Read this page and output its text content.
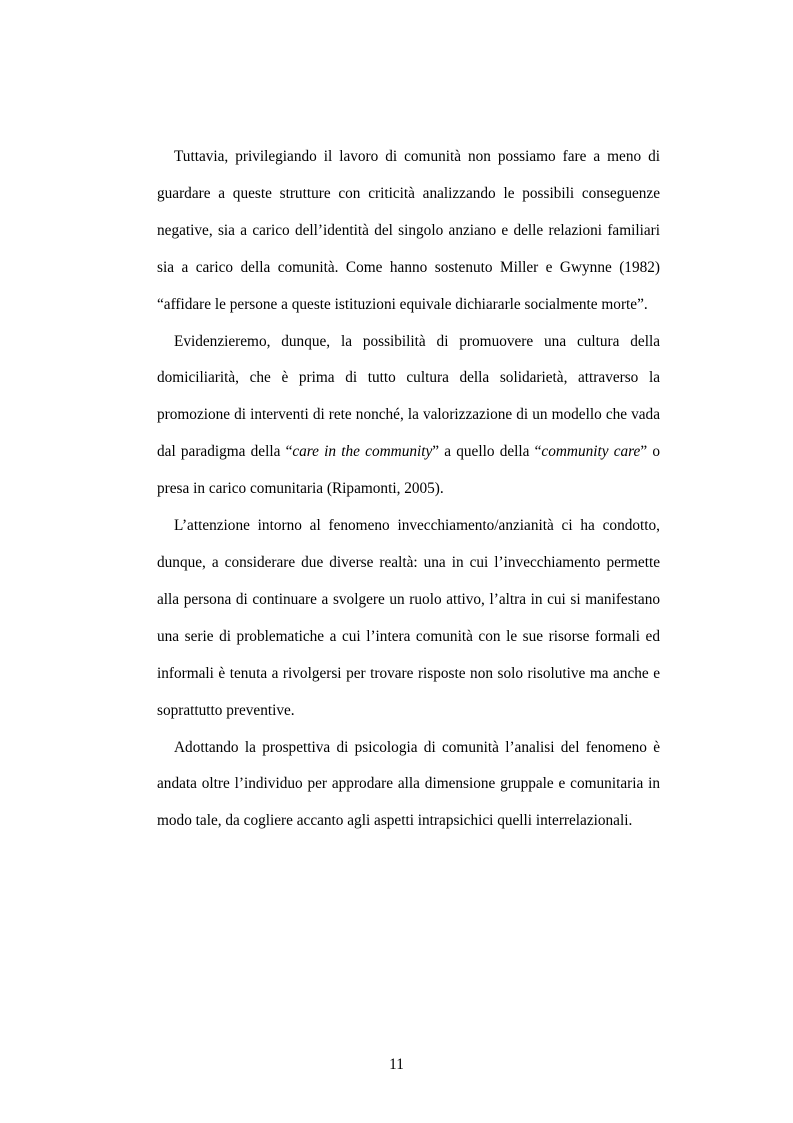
Tuttavia, privilegiando il lavoro di comunità non possiamo fare a meno di guardare a queste strutture con criticità analizzando le possibili conseguenze negative, sia a carico dell’identità del singolo anziano e delle relazioni familiari sia a carico della comunità. Come hanno sostenuto Miller e Gwynne (1982) “affidare le persone a queste istituzioni equivale dichiararle socialmente morte”.

Evidenzieremo, dunque, la possibilità di promuovere una cultura della domiciliarità, che è prima di tutto cultura della solidarietà, attraverso la promozione di interventi di rete nonché, la valorizzazione di un modello che vada dal paradigma della “care in the community” a quello della “community care” o presa in carico comunitaria (Ripamonti, 2005).

L’attenzione intorno al fenomeno invecchiamento/anzianità ci ha condotto, dunque, a considerare due diverse realtà: una in cui l’invecchiamento permette alla persona di continuare a svolgere un ruolo attivo, l’altra in cui si manifestano una serie di problematiche a cui l’intera comunità con le sue risorse formali ed informali è tenuta a rivolgersi per trovare risposte non solo risolutive ma anche e soprattutto preventive.

Adottando la prospettiva di psicologia di comunità l’analisi del fenomeno è andata oltre l’individuo per approdare alla dimensione gruppale e comunitaria in modo tale, da cogliere accanto agli aspetti intrapsichici quelli interrelazionali.

11
